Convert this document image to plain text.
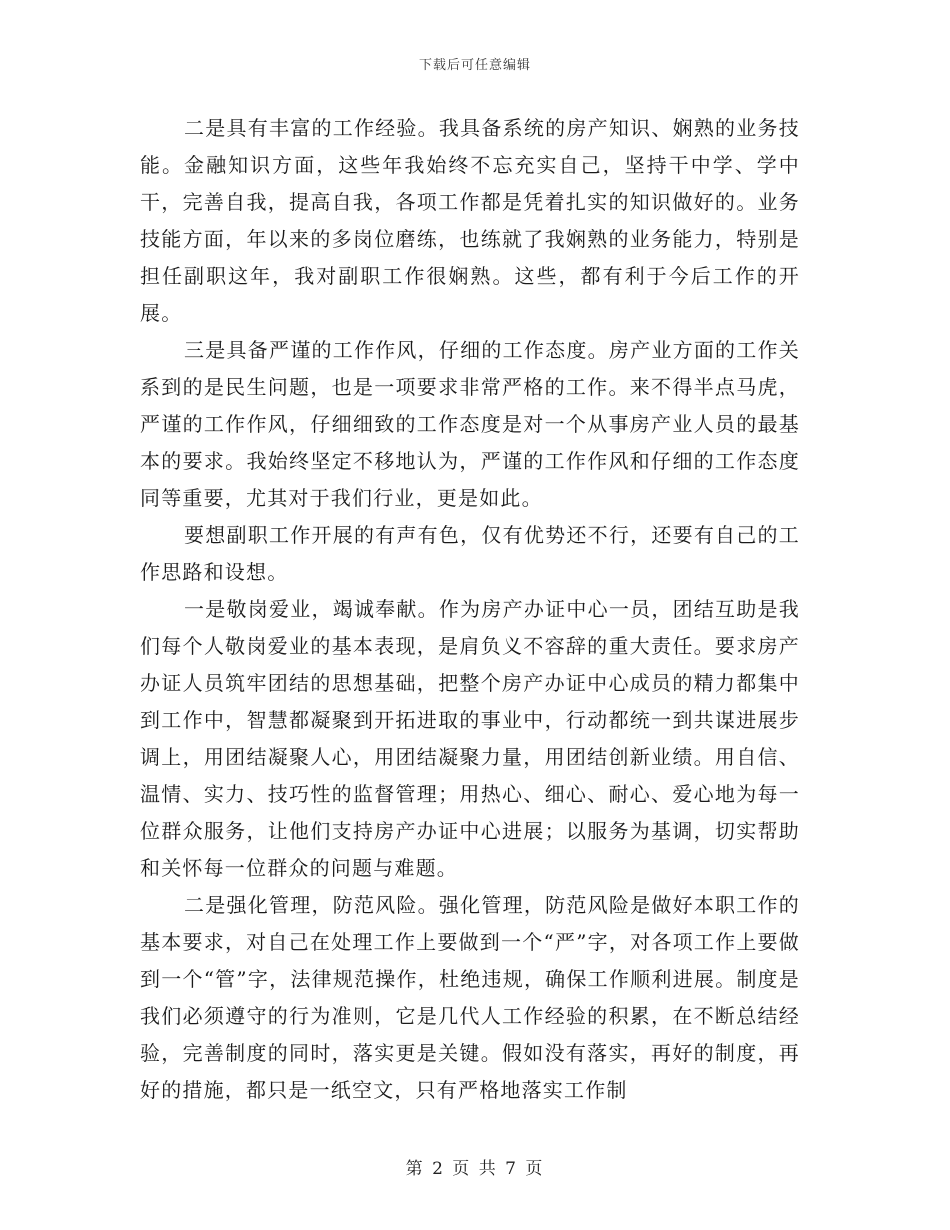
下载后可任意编辑

二是具有丰富的工作经验。我具备系统的房产知识、娴熟的业务技能。金融知识方面，这些年我始终不忘充实自己，坚持干中学、学中干，完善自我，提高自我，各项工作都是凭着扎实的知识做好的。业务技能方面，年以来的多岗位磨练，也练就了我娴熟的业务能力，特别是担任副职这年，我对副职工作很娴熟。这些，都有利于今后工作的开展。

三是具备严谨的工作作风，仔细的工作态度。房产业方面的工作关系到的是民生问题，也是一项要求非常严格的工作。来不得半点马虎，严谨的工作作风，仔细细致的工作态度是对一个从事房产业人员的最基本的要求。我始终坚定不移地认为，严谨的工作作风和仔细的工作态度同等重要，尤其对于我们行业，更是如此。

要想副职工作开展的有声有色，仅有优势还不行，还要有自己的工作思路和设想。

一是敬岗爱业，竭诚奉献。作为房产办证中心一员，团结互助是我们每个人敬岗爱业的基本表现，是肩负义不容辞的重大责任。要求房产办证人员筑牢团结的思想基础，把整个房产办证中心成员的精力都集中到工作中，智慧都凝聚到开拓进取的事业中，行动都统一到共谋进展步调上，用团结凝聚人心，用团结凝聚力量，用团结创新业绩。用自信、温情、实力、技巧性的监督管理；用热心、细心、耐心、爱心地为每一位群众服务，让他们支持房产办证中心进展；以服务为基调，切实帮助和关怀每一位群众的问题与难题。

二是强化管理，防范风险。强化管理，防范风险是做好本职工作的基本要求，对自己在处理工作上要做到一个“严”字，对各项工作上要做到一个“管”字，法律规范操作，杜绝违规，确保工作顺利进展。制度是我们必须遵守的行为准则，它是几代人工作经验的积累，在不断总结经验，完善制度的同时，落实更是关键。假如没有落实，再好的制度，再好的措施，都只是一纸空文，只有严格地落实工作制

第 2 页 共 7 页
